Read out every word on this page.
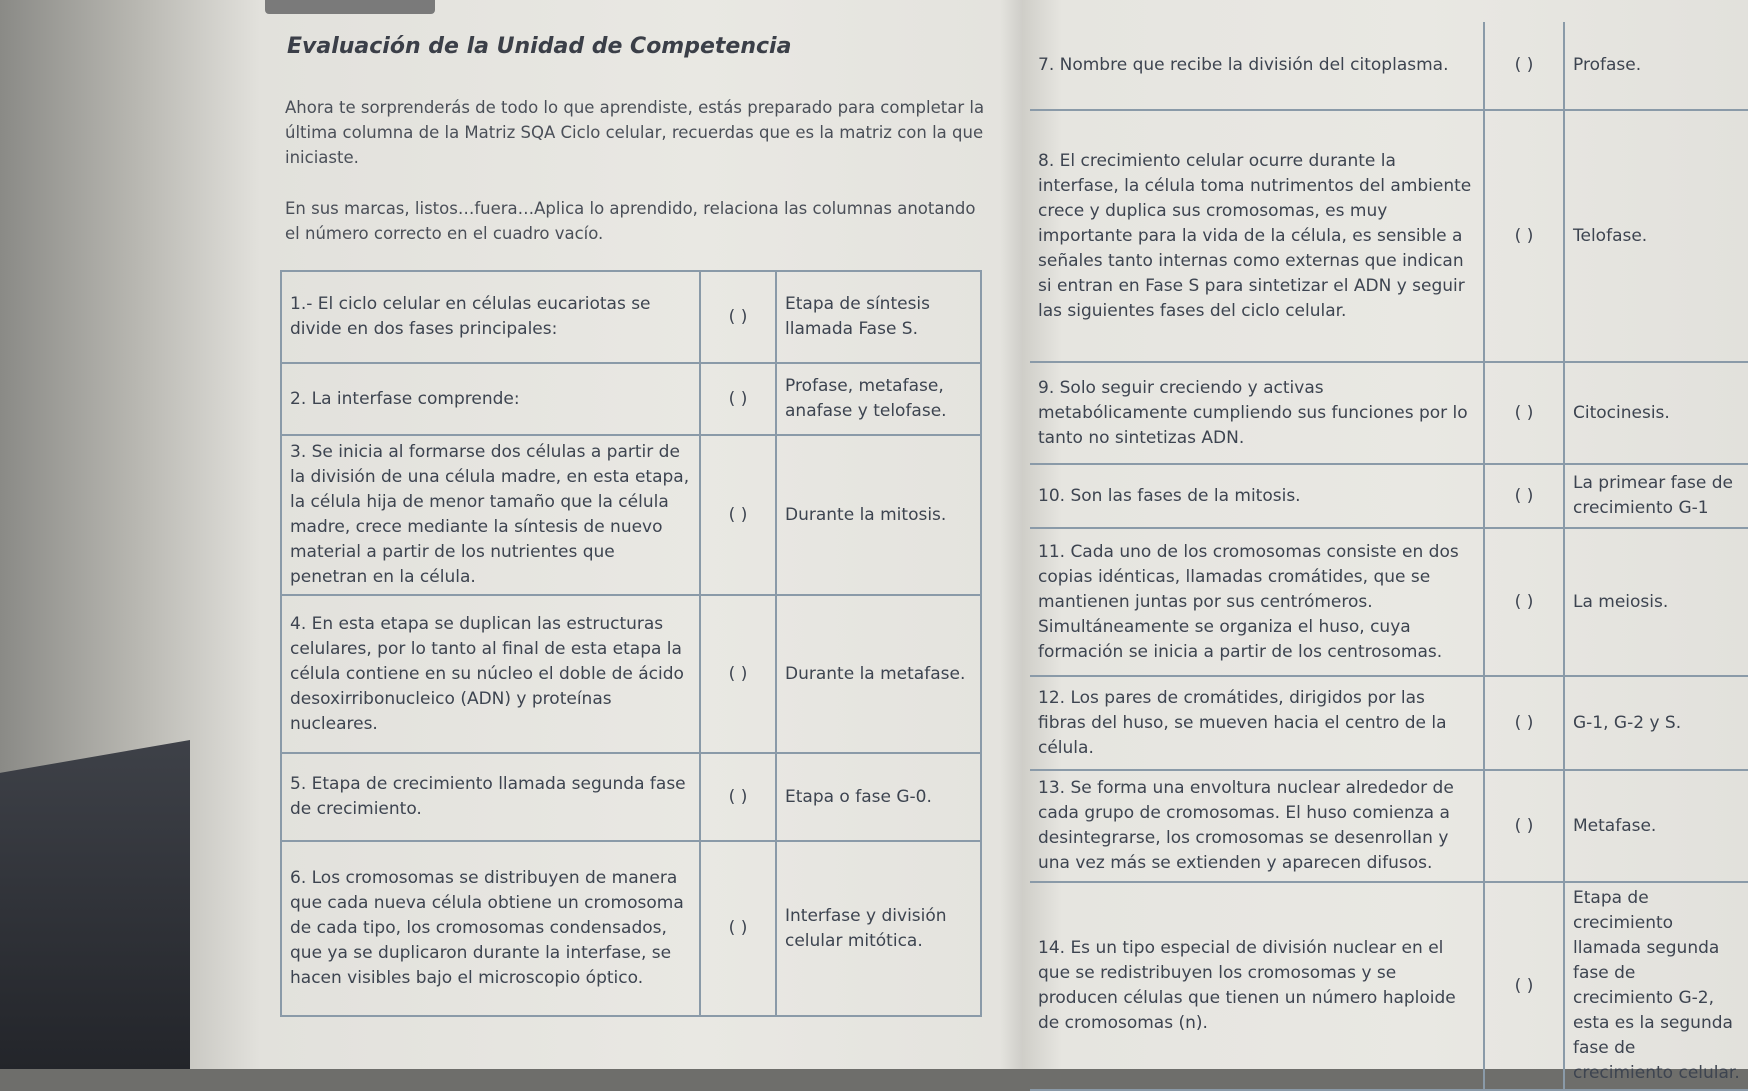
Evaluación de la Unidad de Competencia

Ahora te sorprenderás de todo lo que aprendiste, estás preparado para completar la última columna de la Matriz SQA Ciclo celular, recuerdas que es la matriz con la que iniciaste.

En sus marcas, listos…fuera…Aplica lo aprendido, relaciona las columnas anotando el número correcto en el cuadro vacío.

1.- El ciclo celular en células eucariotas se divide en dos fases principales:	( )	Etapa de síntesis llamada Fase S.
2. La interfase comprende:	( )	Profase, metafase, anafase y telofase.
3. Se inicia al formarse dos células a partir de la división de una célula madre, en esta etapa, la célula hija de menor tamaño que la célula madre, crece mediante la síntesis de nuevo material a partir de los nutrientes que penetran en la célula.	( )	Durante la mitosis.
4. En esta etapa se duplican las estructuras celulares, por lo tanto al final de esta etapa la célula contiene en su núcleo el doble de ácido desoxirribonucleico (ADN) y proteínas nucleares.	( )	Durante la metafase.
5. Etapa de crecimiento llamada segunda fase de crecimiento.	( )	Etapa o fase G-0.
6. Los cromosomas se distribuyen de manera que cada nueva célula obtiene un cromosoma de cada tipo, los cromosomas condensados, que ya se duplicaron durante la interfase, se hacen visibles bajo el microscopio óptico.	( )	Interfase y división celular mitótica.
7. Nombre que recibe la división del citoplasma.	( )	Profase.
8. El crecimiento celular ocurre durante la interfase, la célula toma nutrimentos del ambiente crece y duplica sus cromosomas, es muy importante para la vida de la célula, es sensible a señales tanto internas como externas que indican si entran en Fase S para sintetizar el ADN y seguir las siguientes fases del ciclo celular.	( )	Telofase.
9. Solo seguir creciendo y activas metabólicamente cumpliendo sus funciones por lo tanto no sintetizas ADN.	( )	Citocinesis.
10. Son las fases de la mitosis.	( )	La primear fase de crecimiento G-1
11. Cada uno de los cromosomas consiste en dos copias idénticas, llamadas cromátides, que se mantienen juntas por sus centrómeros. Simultáneamente se organiza el huso, cuya formación se inicia a partir de los centrosomas.	( )	La meiosis.
12. Los pares de cromátides, dirigidos por las fibras del huso, se mueven hacia el centro de la célula.	( )	G-1, G-2 y S.
13. Se forma una envoltura nuclear alrededor de cada grupo de cromosomas. El huso comienza a desintegrarse, los cromosomas se desenrollan y una vez más se extienden y aparecen difusos.	( )	Metafase.
14. Es un tipo especial de división nuclear en el que se redistribuyen los cromosomas y se producen células que tienen un número haploide de cromosomas (n).	( )	Etapa de crecimiento llamada segunda fase de crecimiento G-2, esta es la segunda fase de crecimiento celular.
